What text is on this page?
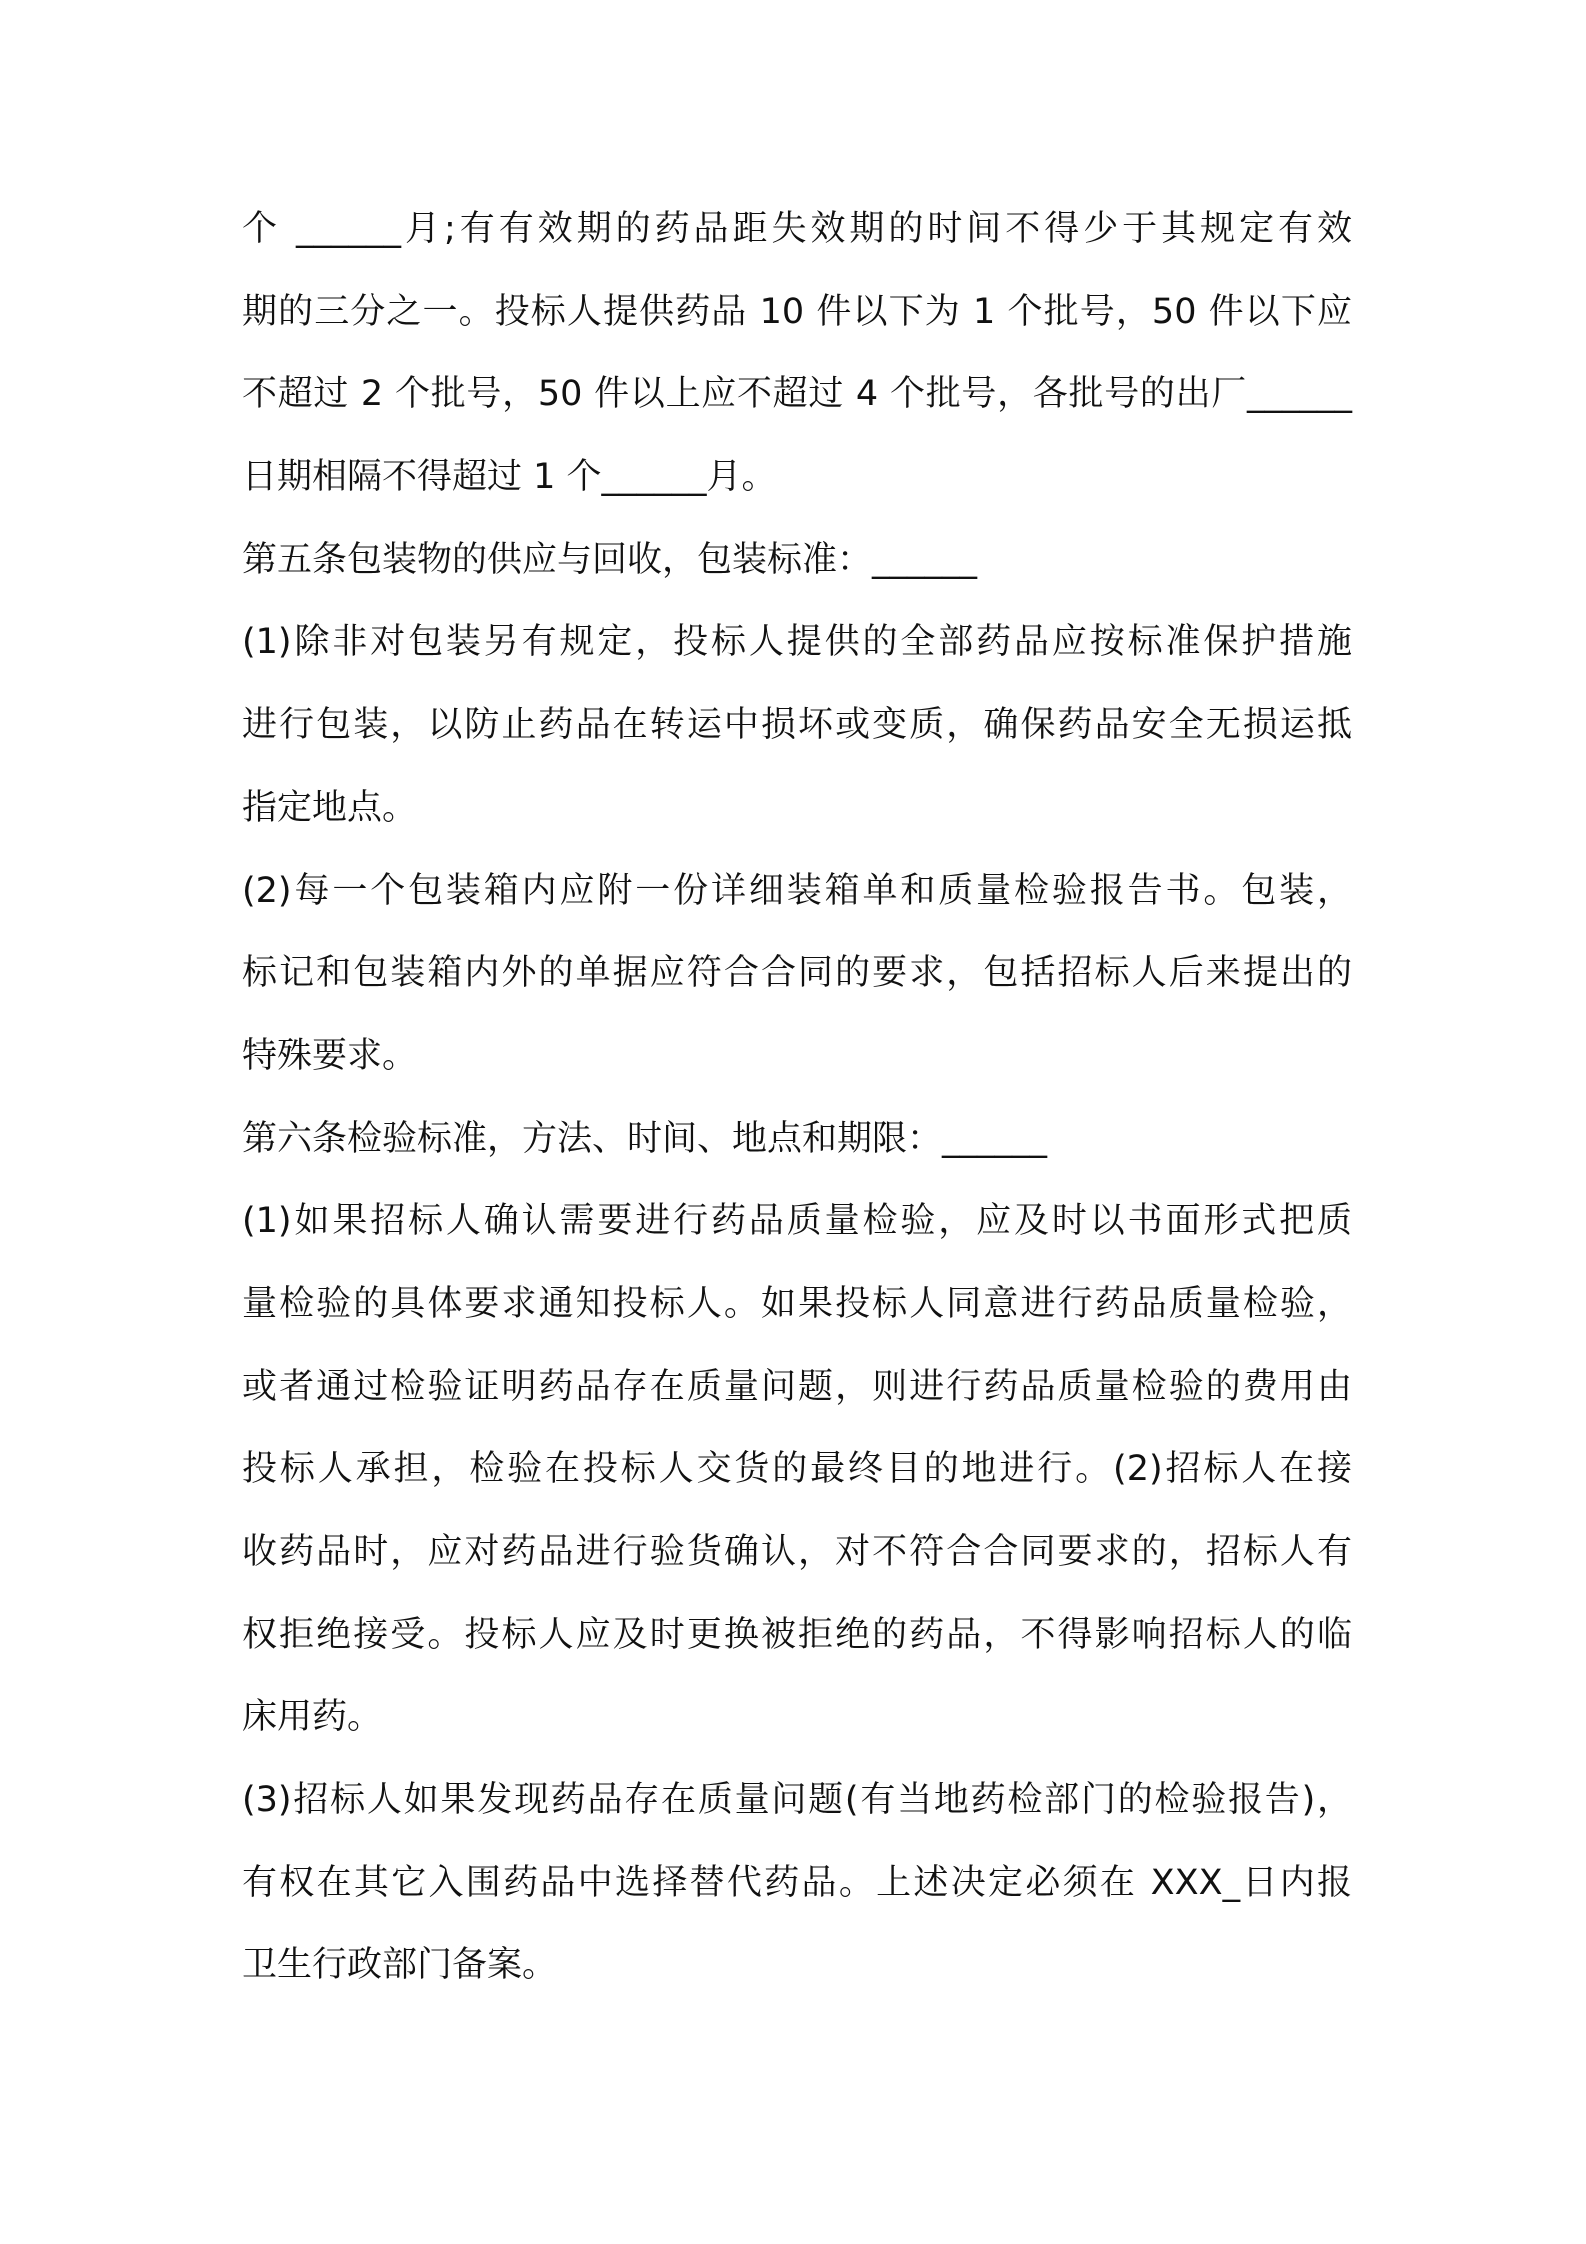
个 ______月;有有效期的药品距失效期的时间不得少于其规定有效
期的三分之一。投标人提供药品 10 件以下为 1 个批号，50 件以下应
不超过 2 个批号，50 件以上应不超过 4 个批号，各批号的出厂______
日期相隔不得超过 1 个______月。
第五条包装物的供应与回收，包装标准：______
(1)除非对包装另有规定，投标人提供的全部药品应按标准保护措施
进行包装，以防止药品在转运中损坏或变质，确保药品安全无损运抵
指定地点。
(2)每一个包装箱内应附一份详细装箱单和质量检验报告书。包装，
标记和包装箱内外的单据应符合合同的要求，包括招标人后来提出的
特殊要求。
第六条检验标准，方法、时间、地点和期限：______
(1)如果招标人确认需要进行药品质量检验，应及时以书面形式把质
量检验的具体要求通知投标人。如果投标人同意进行药品质量检验，
或者通过检验证明药品存在质量问题，则进行药品质量检验的费用由
投标人承担，检验在投标人交货的最终目的地进行。(2)招标人在接
收药品时，应对药品进行验货确认，对不符合合同要求的，招标人有
权拒绝接受。投标人应及时更换被拒绝的药品，不得影响招标人的临
床用药。
(3)招标人如果发现药品存在质量问题(有当地药检部门的检验报告)，
有权在其它入围药品中选择替代药品。上述决定必须在 XXX_日内报
卫生行政部门备案。
